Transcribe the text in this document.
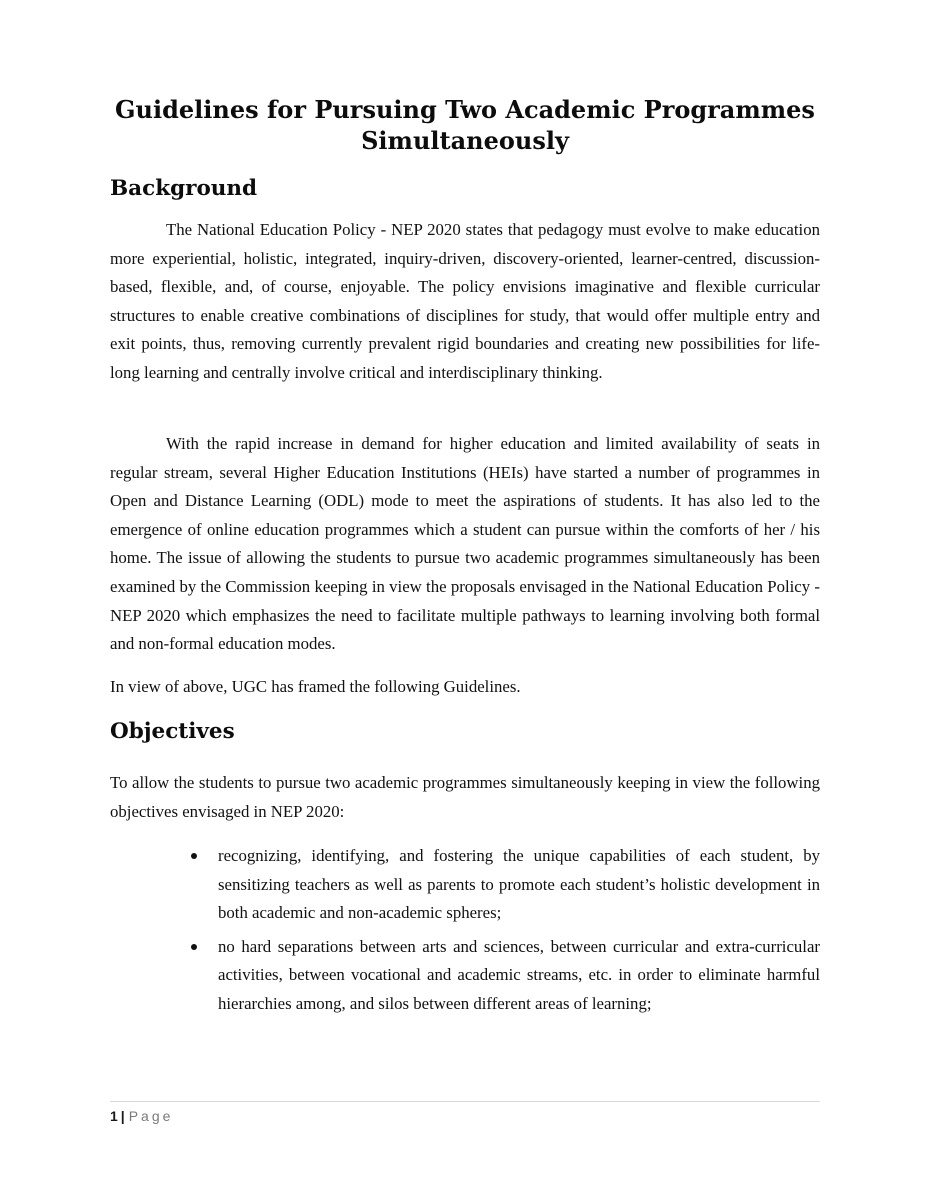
Guidelines for Pursuing Two Academic Programmes Simultaneously
Background

The National Education Policy - NEP 2020 states that pedagogy must evolve to make education more experiential, holistic, integrated, inquiry-driven, discovery-oriented, learner-centred, discussion-based, flexible, and, of course, enjoyable. The policy envisions imaginative and flexible curricular structures to enable creative combinations of disciplines for study, that would offer multiple entry and exit points, thus, removing currently prevalent rigid boundaries and creating new possibilities for life-long learning and centrally involve critical and interdisciplinary thinking.

With the rapid increase in demand for higher education and limited availability of seats in regular stream, several Higher Education Institutions (HEIs) have started a number of programmes in Open and Distance Learning (ODL) mode to meet the aspirations of students. It has also led to the emergence of online education programmes which a student can pursue within the comforts of her / his home. The issue of allowing the students to pursue two academic programmes simultaneously has been examined by the Commission keeping in view the proposals envisaged in the National Education Policy - NEP 2020 which emphasizes the need to facilitate multiple pathways to learning involving both formal and non-formal education modes.

In view of above, UGC has framed the following Guidelines.

Objectives

To allow the students to pursue two academic programmes simultaneously keeping in view the following objectives envisaged in NEP 2020:

recognizing, identifying, and fostering the unique capabilities of each student, by sensitizing teachers as well as parents to promote each student’s holistic development in both academic and non-academic spheres;
no hard separations between arts and sciences, between curricular and extra-curricular activities, between vocational and academic streams, etc. in order to eliminate harmful hierarchies among, and silos between different areas of learning;
1 | Page
